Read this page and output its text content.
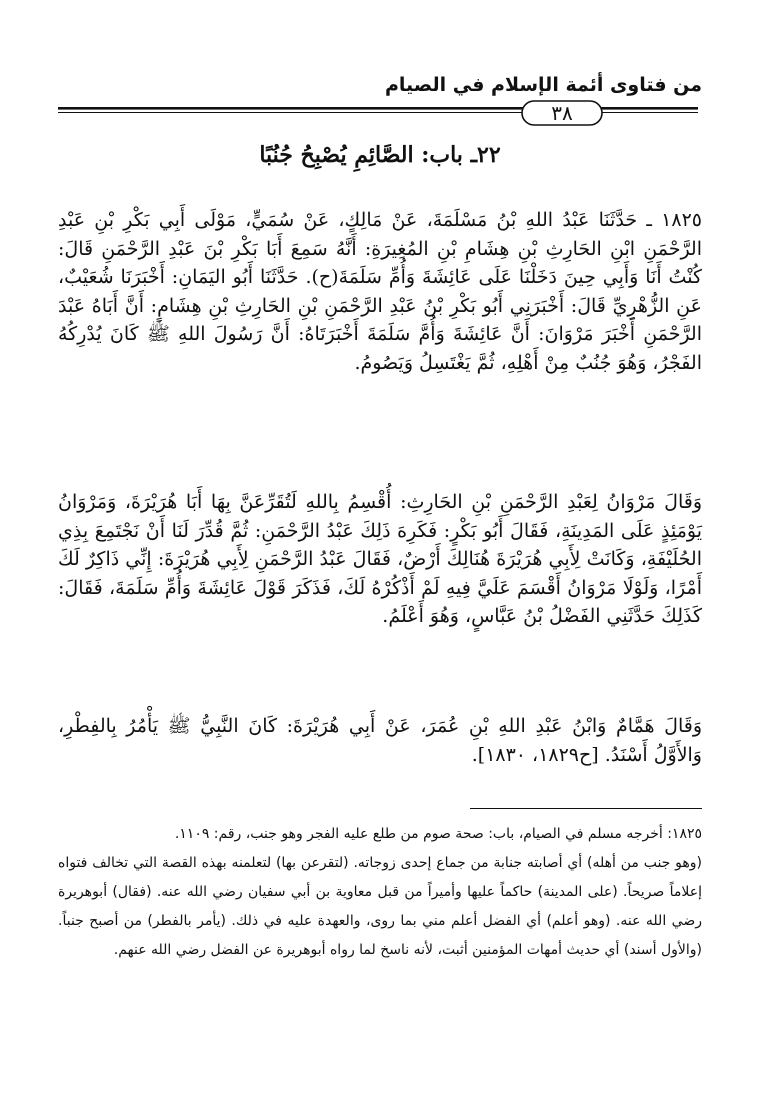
من فتاوى أئمة الإسلام في الصيام
٣٨
٢٢ـ باب: الصَّائِمِ يُصْبِحُ جُنُبًا

١٨٢٥ ـ حَدَّثَنَا عَبْدُ اللهِ بْنُ مَسْلَمَةَ، عَنْ مَالِكٍ، عَنْ سُمَيٍّ، مَوْلَى أَبِي بَكْرِ بْنِ عَبْدِ الرَّحْمَنِ ابْنِ الحَارِثِ بْنِ هِشَامِ بْنِ المُغِيرَةِ: أَنَّهُ سَمِعَ أَبَا بَكْرِ بْنَ عَبْدِ الرَّحْمَنِ قَالَ: كُنْتُ أَنَا وَأَبِي حِينَ دَخَلْنَا عَلَى عَائِشَةَ وَأُمِّ سَلَمَةَ(ح). حَدَّثَنَا أَبُو اليَمَانِ: أَخْبَرَنَا شُعَيْبٌ، عَنِ الزُّهْرِيِّ قَالَ: أَخْبَرَنِي أَبُو بَكْرِ بْنُ عَبْدِ الرَّحْمَنِ بْنِ الحَارِثِ بْنِ هِشَامٍ: أَنَّ أَبَاهُ عَبْدَ الرَّحْمَنِ أَخْبَرَ مَرْوَانَ: أَنَّ عَائِشَةَ وَأُمَّ سَلَمَةَ أَخْبَرَتَاهُ: أَنَّ رَسُولَ اللهِ ﷺ كَانَ يُدْرِكُهُ الفَجْرُ، وَهُوَ جُنُبٌ مِنْ أَهْلِهِ، ثُمَّ يَغْتَسِلُ وَيَصُومُ.

وَقَالَ مَرْوَانُ لِعَبْدِ الرَّحْمَنِ بْنِ الحَارِثِ: أُقْسِمُ بِاللهِ لَتُقَرِّعَنَّ بِهَا أَبَا هُرَيْرَةَ، وَمَرْوَانُ يَوْمَئِذٍ عَلَى المَدِينَةِ، فَقَالَ أَبُو بَكْرٍ: فَكَرِهَ ذَلِكَ عَبْدُ الرَّحْمَنِ: ثُمَّ قُدِّرَ لَنَا أَنْ نَجْتَمِعَ بِذِي الحُلَيْفَةِ، وَكَانَتْ لِأَبِي هُرَيْرَةَ هُنَالِكَ أَرْضٌ، فَقَالَ عَبْدُ الرَّحْمَنِ لِأَبِي هُرَيْرَةَ: إِنِّي ذَاكِرٌ لَكَ أَمْرًا، وَلَوْلَا مَرْوَانُ أَقْسَمَ عَلَيَّ فِيهِ لَمْ أَذْكُرْهُ لَكَ، فَذَكَرَ قَوْلَ عَائِشَةَ وَأُمِّ سَلَمَةَ، فَقَالَ: كَذَلِكَ حَدَّثَنِي الفَضْلُ بْنُ عَبَّاسٍ، وَهُوَ أَعْلَمُ.

وَقَالَ هَمَّامٌ وَابْنُ عَبْدِ اللهِ بْنِ عُمَرَ، عَنْ أَبِي هُرَيْرَةَ: كَانَ النَّبِيُّ ﷺ يَأْمُرُ بِالفِطْرِ، وَالأَوَّلُ أَسْنَدُ. [ح١٨٢٩، ١٨٣٠].

١٨٢٥: أخرجه مسلم في الصيام، باب: صحة صوم من طلع عليه الفجر وهو جنب، رقم: ١١٠٩.

(وهو جنب من أهله) أي أصابته جنابة من جماع إحدى زوجاته. (لتقرعن بها) لتعلمنه بهذه القصة التي تخالف فتواه إعلاماً صريحاً. (على المدينة) حاكماً عليها وأميراً من قبل معاوية بن أبي سفيان رضي الله عنه. (فقال) أبوهريرة رضي الله عنه. (وهو أعلم) أي الفضل أعلم مني بما روى، والعهدة عليه في ذلك. (يأمر بالفطر) من أصبح جنباً. (والأول أسند) أي حديث أمهات المؤمنين أثبت، لأنه ناسخ لما رواه أبوهريرة عن الفضل رضي الله عنهم.
